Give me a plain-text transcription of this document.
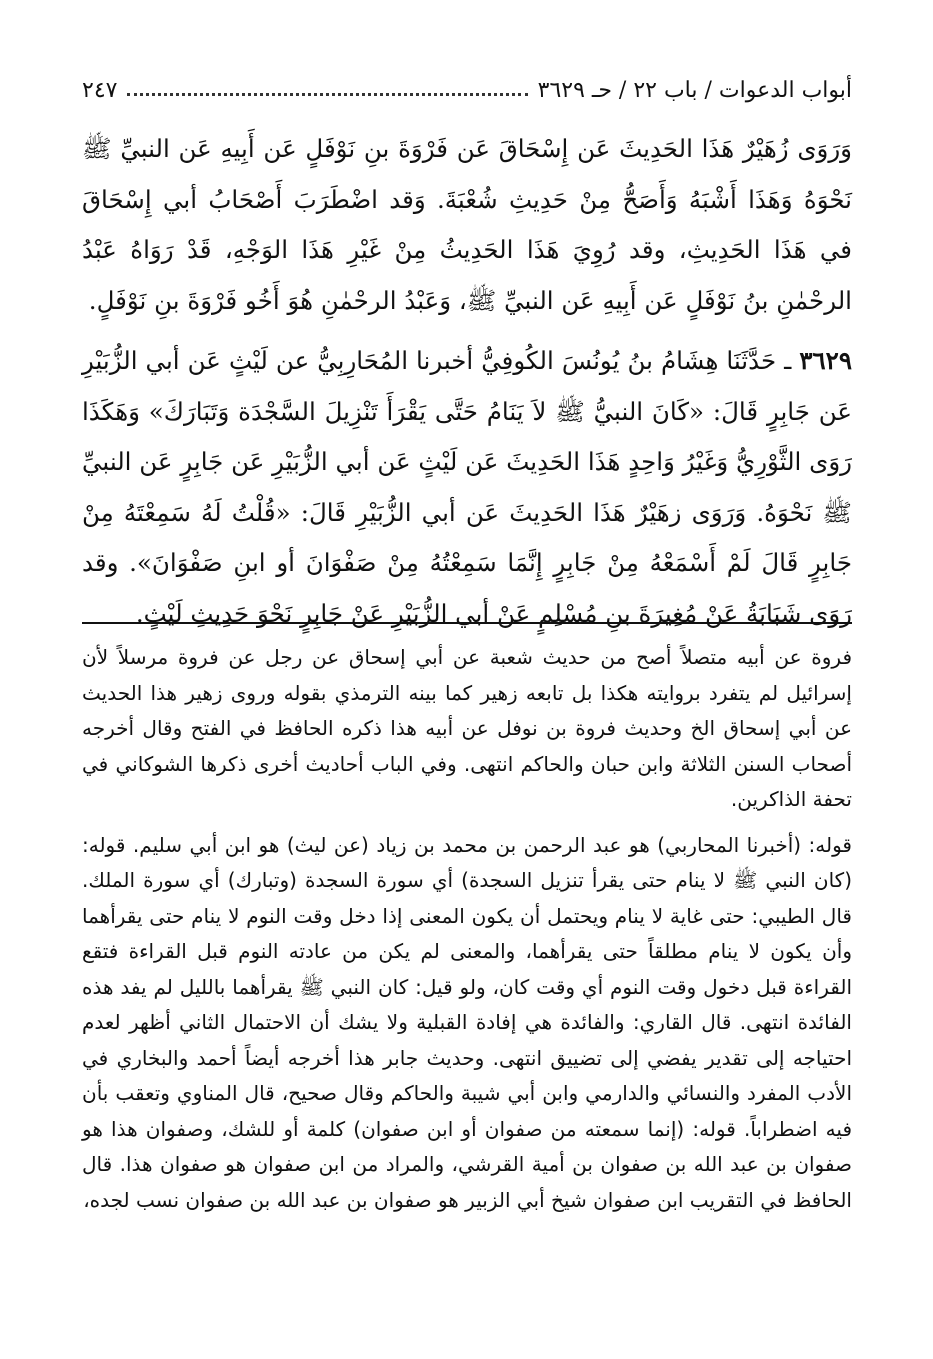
أبواب الدعوات / باب ٢٢ / حـ ٣٦٢٩
٢٤٧

وَرَوَى زُهَيْرٌ هَذَا الحَدِيثَ عَن إِسْحَاقَ عَن فَرْوَةَ بنِ نَوْفَلٍ عَن أَبِيهِ عَن النبيِّ ﷺ نَحْوَهُ وَهَذَا أَشْبَهُ وَأَصَحُّ مِنْ حَدِيثِ شُعْبَةَ. وَقد اضْطَرَبَ أَصْحَابُ أبي إِسْحَاقَ في هَذَا الحَدِيثِ، وقد رُوِيَ هَذَا الحَدِيثُ مِنْ غَيْرِ هَذَا الوَجْهِ، قَدْ رَوَاهُ عَبْدُ الرحْمٰنِ بنُ نَوْفَلٍ عَن أَبِيهِ عَن النبيِّ ﷺ، وَعَبْدُ الرحْمٰنِ هُوَ أَخُو فَرْوَةَ بنِ نَوْفَلٍ.

٣٦٢٩ ـ حَدَّثَنَا هِشَامُ بنُ يُونُسَ الكُوفِيُّ أخبرنا المُحَارِبِيُّ عن لَيْثٍ عَن أبي الزُّبَيْرِ عَن جَابِرٍ قَالَ: «كَانَ النبيُّ ﷺ لاَ يَنَامُ حَتَّى يَقْرَأَ تَنْزِيلَ السَّجْدَة وَتَبَارَكَ» وَهَكَذَا رَوَى الثَّوْرِيُّ وَغَيْرُ وَاحِدٍ هَذَا الحَدِيثَ عَن لَيْثٍ عَن أبي الزُّبَيْرِ عَن جَابِرٍ عَن النبيِّ ﷺ نَحْوَهُ. وَرَوَى زهَيْرٌ هَذَا الحَدِيثَ عَن أبي الزُّبَيْرِ قَالَ: «قُلْتُ لَهُ سَمِعْتَهُ مِنْ جَابِرٍ قَالَ لَمْ أَسْمَعْهُ مِنْ جَابِرٍ إِنَّمَا سَمِعْتُهُ مِنْ صَفْوَانَ أو ابنِ صَفْوَانَ». وقد رَوَى شَبَابَةُ عَنْ مُغِيرَةَ بنِ مُسْلِمٍ عَنْ أبي الزُّبَيْرِ عَنْ جَابِرٍ نَحْوَ حَدِيثِ لَيْثٍ.

فروة عن أبيه متصلاً أصح من حديث شعبة عن أبي إسحاق عن رجل عن فروة مرسلاً لأن إسرائيل لم يتفرد بروايته هكذا بل تابعه زهير كما بينه الترمذي بقوله وروى زهير هذا الحديث عن أبي إسحاق الخ وحديث فروة بن نوفل عن أبيه هذا ذكره الحافظ في الفتح وقال أخرجه أصحاب السنن الثلاثة وابن حبان والحاكم انتهى. وفي الباب أحاديث أخرى ذكرها الشوكاني في تحفة الذاكرين.

قوله: (أخبرنا المحاربي) هو عبد الرحمن بن محمد بن زياد (عن ليث) هو ابن أبي سليم. قوله: (كان النبي ﷺ لا ينام حتى يقرأ تنزيل السجدة) أي سورة السجدة (وتبارك) أي سورة الملك. قال الطيبي: حتى غاية لا ينام ويحتمل أن يكون المعنى إذا دخل وقت النوم لا ينام حتى يقرأهما وأن يكون لا ينام مطلقاً حتى يقرأهما، والمعنى لم يكن من عادته النوم قبل القراءة فتقع القراءة قبل دخول وقت النوم أي وقت كان، ولو قيل: كان النبي ﷺ يقرأهما بالليل لم يفد هذه الفائدة انتهى. قال القاري: والفائدة هي إفادة القبلية ولا يشك أن الاحتمال الثاني أظهر لعدم احتياجه إلى تقدير يفضي إلى تضييق انتهى. وحديث جابر هذا أخرجه أيضاً أحمد والبخاري في الأدب المفرد والنسائي والدارمي وابن أبي شيبة والحاكم وقال صحيح، قال المناوي وتعقب بأن فيه اضطراباً. قوله: (إنما سمعته من صفوان أو ابن صفوان) كلمة أو للشك، وصفوان هذا هو صفوان بن عبد الله بن صفوان بن أمية القرشي، والمراد من ابن صفوان هو صفوان هذا. قال الحافظ في التقريب ابن صفوان شيخ أبي الزبير هو صفوان بن عبد الله بن صفوان نسب لجده،
